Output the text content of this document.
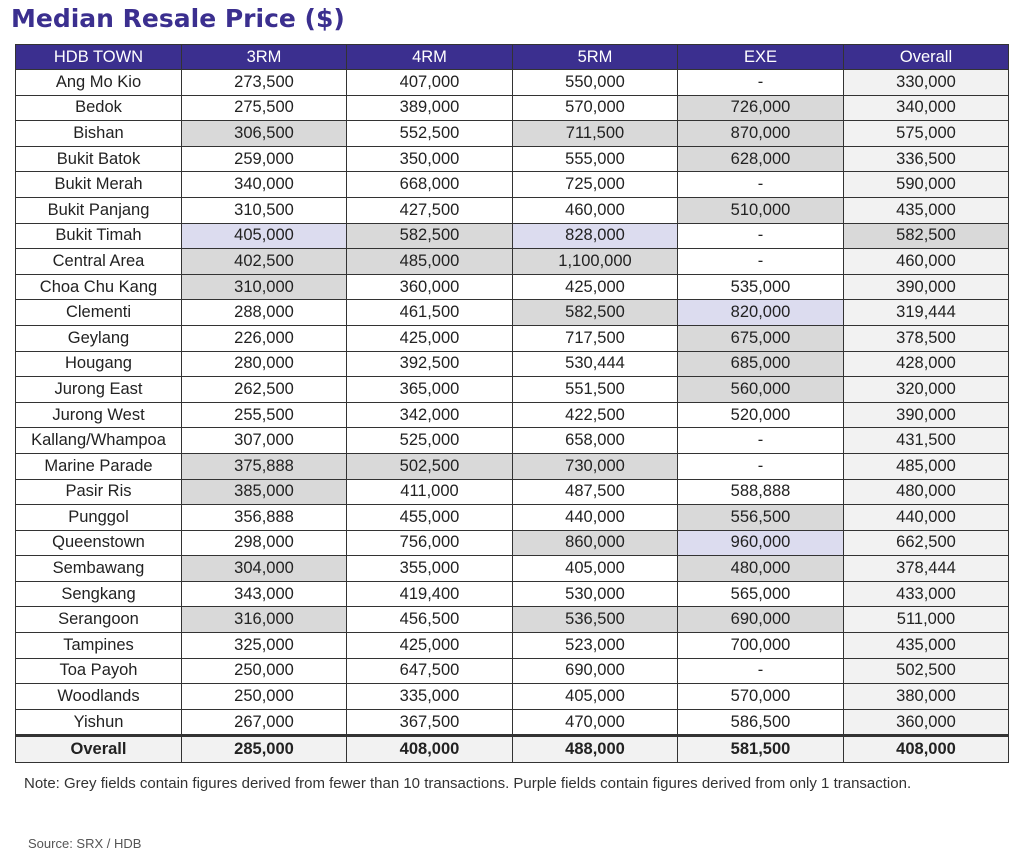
Median Resale Price ($)
HDB TOWN	3RM	4RM	5RM	EXE	Overall
Ang Mo Kio	273,500	407,000	550,000	-	330,000
Bedok	275,500	389,000	570,000	726,000	340,000
Bishan	306,500	552,500	711,500	870,000	575,000
Bukit Batok	259,000	350,000	555,000	628,000	336,500
Bukit Merah	340,000	668,000	725,000	-	590,000
Bukit Panjang	310,500	427,500	460,000	510,000	435,000
Bukit Timah	405,000	582,500	828,000	-	582,500
Central Area	402,500	485,000	1,100,000	-	460,000
Choa Chu Kang	310,000	360,000	425,000	535,000	390,000
Clementi	288,000	461,500	582,500	820,000	319,444
Geylang	226,000	425,000	717,500	675,000	378,500
Hougang	280,000	392,500	530,444	685,000	428,000
Jurong East	262,500	365,000	551,500	560,000	320,000
Jurong West	255,500	342,000	422,500	520,000	390,000
Kallang/Whampoa	307,000	525,000	658,000	-	431,500
Marine Parade	375,888	502,500	730,000	-	485,000
Pasir Ris	385,000	411,000	487,500	588,888	480,000
Punggol	356,888	455,000	440,000	556,500	440,000
Queenstown	298,000	756,000	860,000	960,000	662,500
Sembawang	304,000	355,000	405,000	480,000	378,444
Sengkang	343,000	419,400	530,000	565,000	433,000
Serangoon	316,000	456,500	536,500	690,000	511,000
Tampines	325,000	425,000	523,000	700,000	435,000
Toa Payoh	250,000	647,500	690,000	-	502,500
Woodlands	250,000	335,000	405,000	570,000	380,000
Yishun	267,000	367,500	470,000	586,500	360,000
Overall	285,000	408,000	488,000	581,500	408,000
Note: Grey fields contain figures derived from fewer than 10 transactions. Purple fields contain figures derived from only 1 transaction.
Source: SRX / HDB
